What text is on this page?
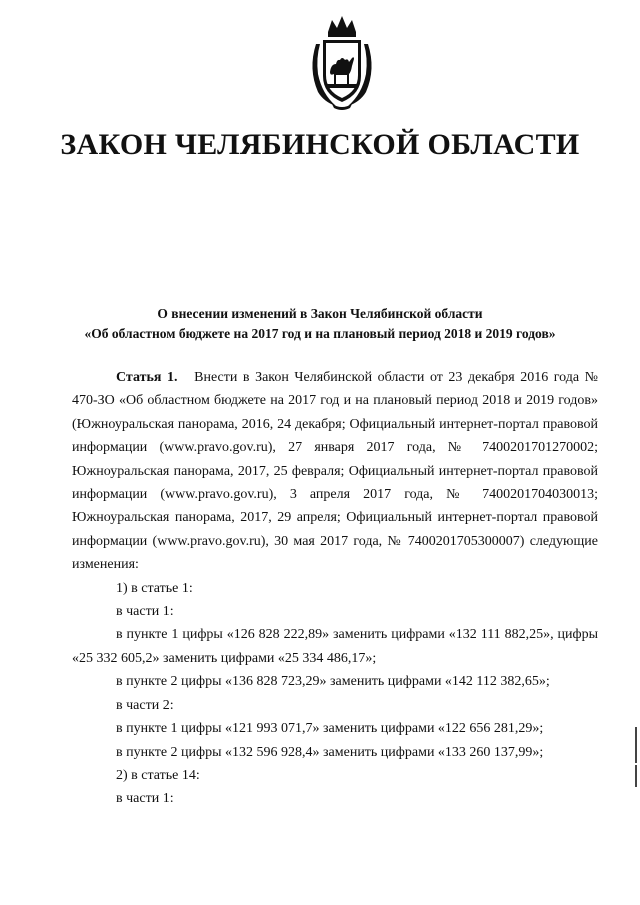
ЗАКОН ЧЕЛЯБИНСКОЙ ОБЛАСТИ
О внесении изменений в Закон Челябинской области
«Об областном бюджете на 2017 год и на плановый период 2018 и 2019 годов»

Статья 1. Внести в Закон Челябинской области от 23 декабря 2016 года № 470-ЗО «Об областном бюджете на 2017 год и на плановый период 2018 и 2019 годов» (Южноуральская панорама, 2016, 24 декабря; Официальный интернет-портал правовой информации (www.pravo.gov.ru), 27 января 2017 года, № 7400201701270002; Южноуральская панорама, 2017, 25 февраля; Официальный интернет-портал правовой информации (www.pravo.gov.ru), 3 апреля 2017 года, № 7400201704030013; Южноуральская панорама, 2017, 29 апреля; Официальный интернет-портал правовой информации (www.pravo.gov.ru), 30 мая 2017 года, № 7400201705300007) следующие изменения:

1) в статье 1:

в части 1:

в пункте 1 цифры «126 828 222,89» заменить цифрами «132 111 882,25», цифры «25 332 605,2» заменить цифрами «25 334 486,17»;

в пункте 2 цифры «136 828 723,29» заменить цифрами «142 112 382,65»;

в части 2:

в пункте 1 цифры «121 993 071,7» заменить цифрами «122 656 281,29»;

в пункте 2 цифры «132 596 928,4» заменить цифрами «133 260 137,99»;

2) в статье 14:

в части 1:
